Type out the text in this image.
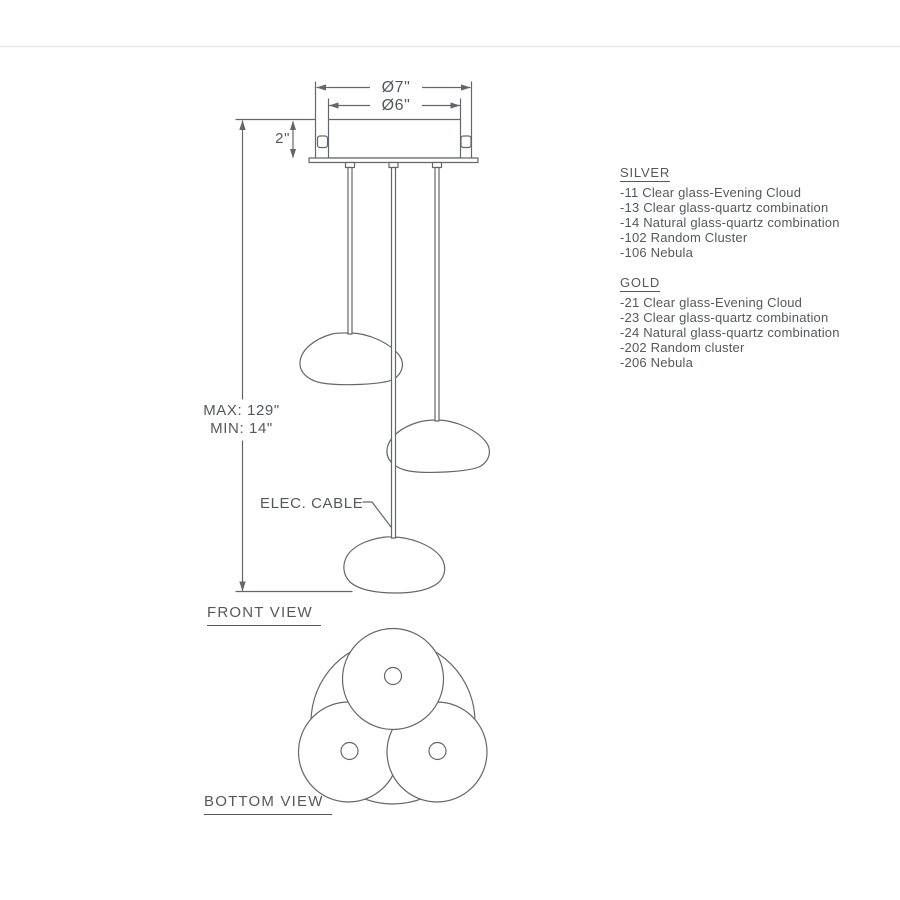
Ø7"
Ø6"
2"
MAX: 129"
MIN: 14"
ELEC. CABLE
FRONT VIEW
BOTTOM VIEW
SILVER
-11 Clear glass-Evening Cloud
-13 Clear glass-quartz combination
-14 Natural glass-quartz combination
-102 Random Cluster
-106 Nebula
GOLD
-21 Clear glass-Evening Cloud
-23 Clear glass-quartz combination
-24 Natural glass-quartz combination
-202 Random cluster
-206 Nebula
